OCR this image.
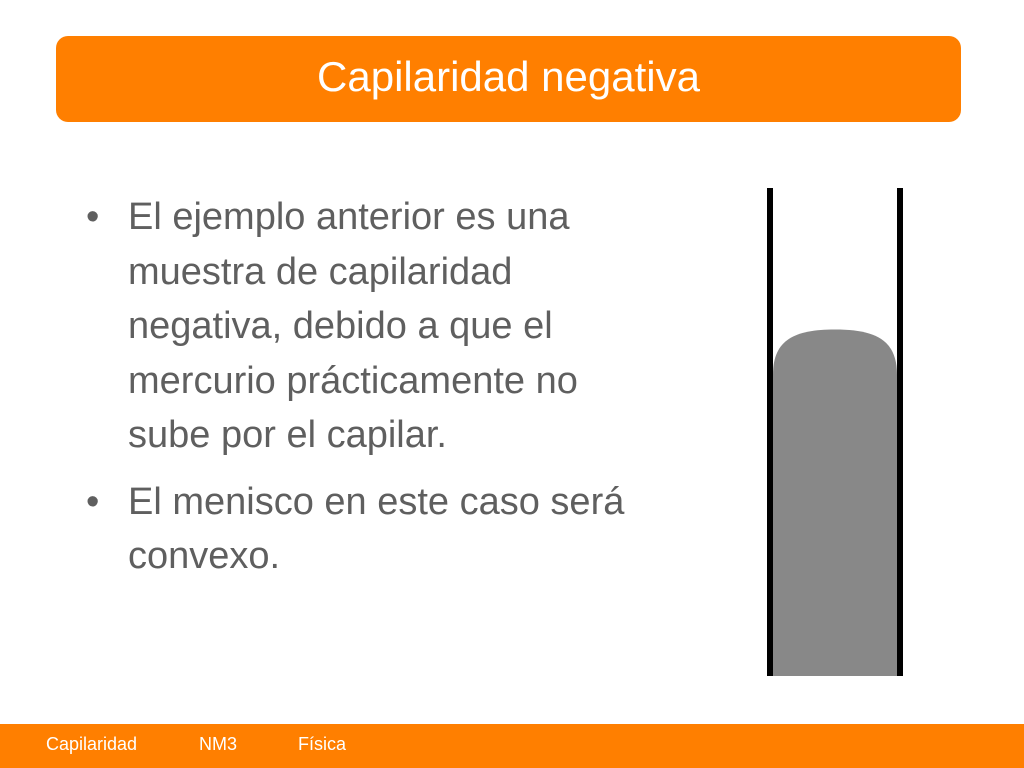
Capilaridad negativa
• El ejemplo anterior es una muestra de capilaridad negativa, debido a que el mercurio prácticamente no sube por el capilar.
• El menisco en este caso será convexo.
Capilaridad	NM3	Física
